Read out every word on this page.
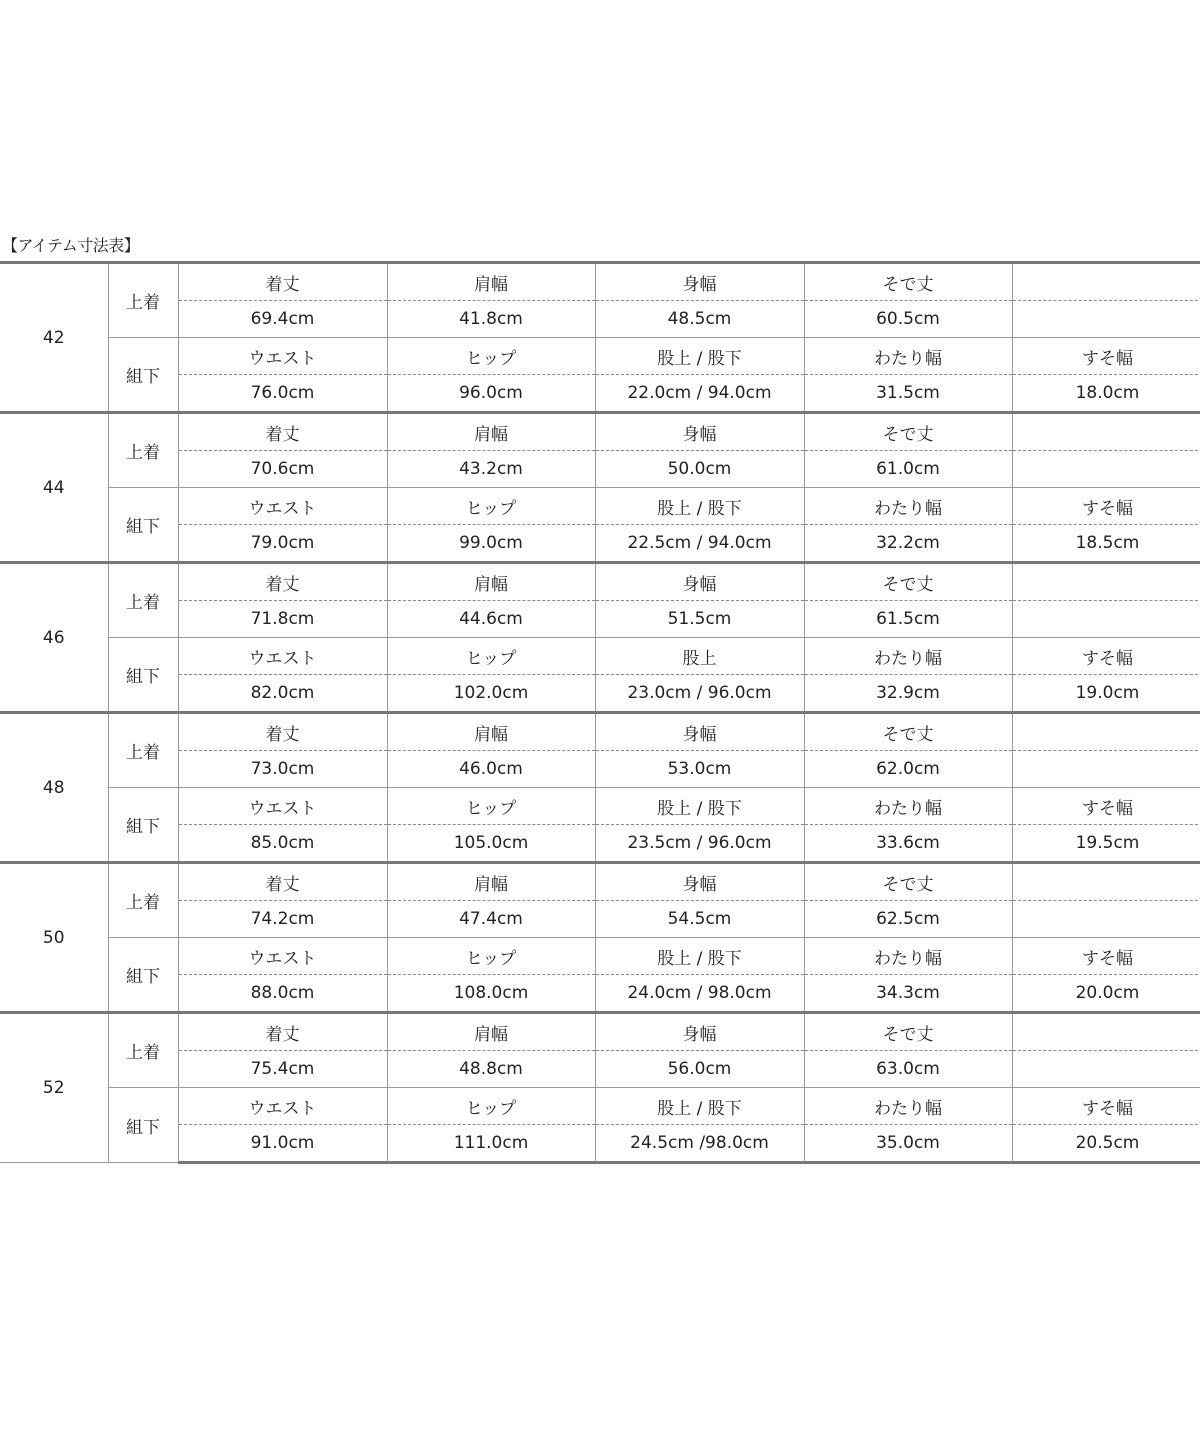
【アイテム寸法表】
42	上着	着丈	肩幅	身幅	そで丈	
		69.4cm	41.8cm	48.5cm	60.5cm	
	組下	ウエスト	ヒップ	股上 / 股下	わたり幅	すそ幅
		76.0cm	96.0cm	22.0cm / 94.0cm	31.5cm	18.0cm
44	上着	着丈	肩幅	身幅	そで丈	
		70.6cm	43.2cm	50.0cm	61.0cm	
	組下	ウエスト	ヒップ	股上 / 股下	わたり幅	すそ幅
		79.0cm	99.0cm	22.5cm / 94.0cm	32.2cm	18.5cm
46	上着	着丈	肩幅	身幅	そで丈	
		71.8cm	44.6cm	51.5cm	61.5cm	
	組下	ウエスト	ヒップ	股上	わたり幅	すそ幅
		82.0cm	102.0cm	23.0cm / 96.0cm	32.9cm	19.0cm
48	上着	着丈	肩幅	身幅	そで丈	
		73.0cm	46.0cm	53.0cm	62.0cm	
	組下	ウエスト	ヒップ	股上 / 股下	わたり幅	すそ幅
		85.0cm	105.0cm	23.5cm / 96.0cm	33.6cm	19.5cm
50	上着	着丈	肩幅	身幅	そで丈	
		74.2cm	47.4cm	54.5cm	62.5cm	
	組下	ウエスト	ヒップ	股上 / 股下	わたり幅	すそ幅
		88.0cm	108.0cm	24.0cm / 98.0cm	34.3cm	20.0cm
52	上着	着丈	肩幅	身幅	そで丈	
		75.4cm	48.8cm	56.0cm	63.0cm	
	組下	ウエスト	ヒップ	股上 / 股下	わたり幅	すそ幅
		91.0cm	111.0cm	24.5cm /98.0cm	35.0cm	20.5cm
